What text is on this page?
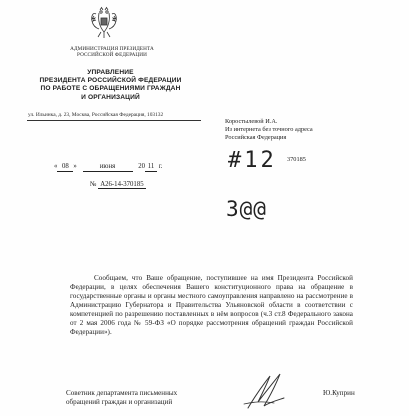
АДМИНИСТРАЦИЯ ПРЕЗИДЕНТА
РОССИЙСКОЙ ФЕДЕРАЦИИ
УПРАВЛЕНИЕ
ПРЕЗИДЕНТА РОССИЙСКОЙ ФЕДЕРАЦИИ
ПО РАБОТЕ С ОБРАЩЕНИЯМИ ГРАЖДАН
И ОРГАНИЗАЦИЙ
ул. Ильинка, д. 23, Москва, Российская Федерация, 103132
Коростылевой И.А.
Из интернета без точного адреса
Российская Федерация
« 08 »	июня	20 11 г.
№ А26-14-370185
#12 370185
3@@
Сообщаем, что Ваше обращение, поступившее на имя Президента Российской Федерации, в целях обеспечения Вашего конституционного права на обращение в государственные органы и органы местного самоуправления направлено на рассмотрение в Администрацию Губернатора и Правительства Ульяновской области в соответствии с компетенцией по разрешению поставленных в нём вопросов (ч.3 ст.8 Федерального закона от 2 мая 2006 года № 59-ФЗ «О порядке рассмотрения обращений граждан Российской Федерации»).
Советник департамента письменных
обращений граждан и организаций
Ю.Куприн
